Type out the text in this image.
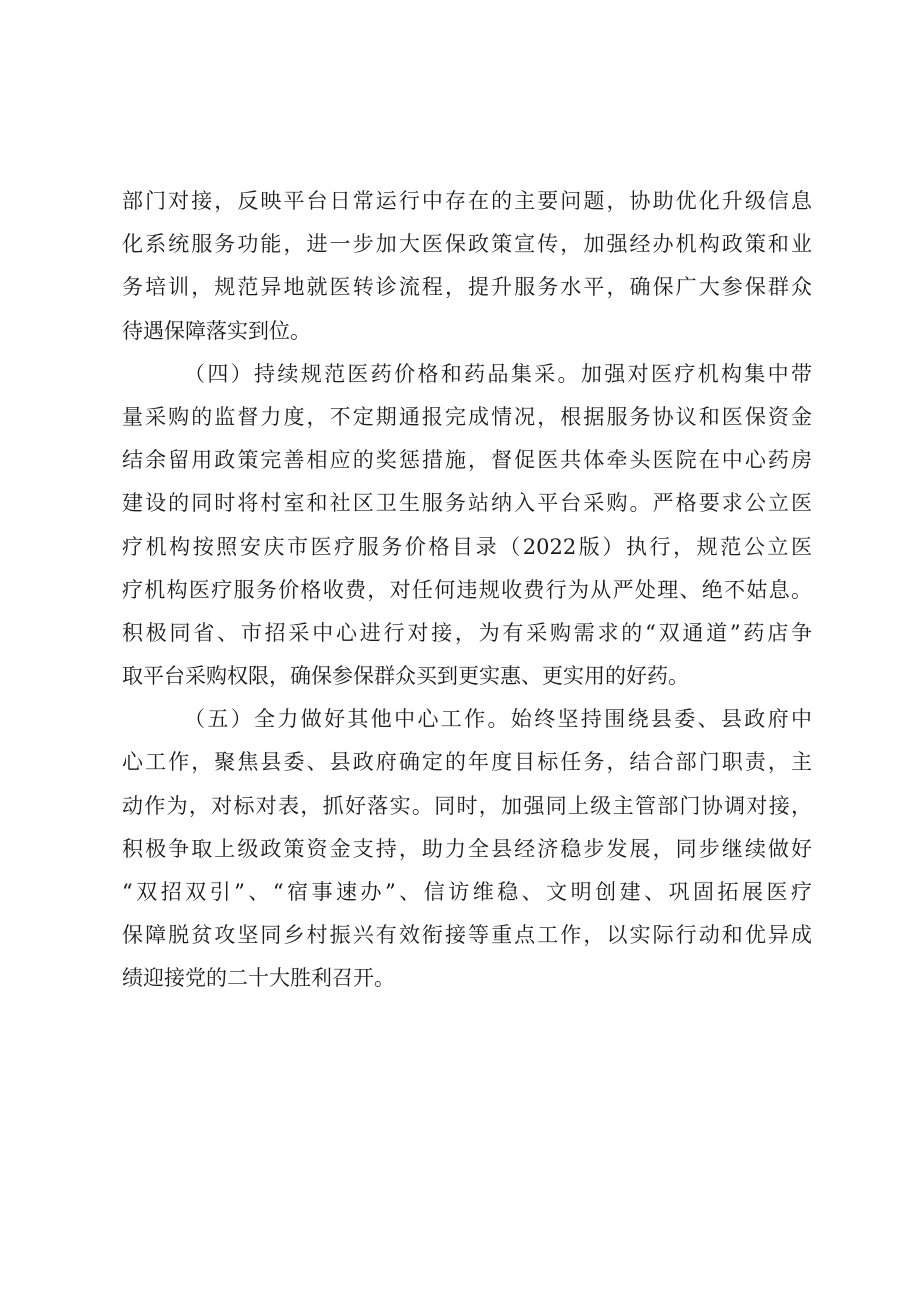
部门对接，反映平台日常运行中存在的主要问题，协助优化升级信息
化系统服务功能，进一步加大医保政策宣传，加强经办机构政策和业
务培训，规范异地就医转诊流程，提升服务水平，确保广大参保群众
待遇保障落实到位。
（四）持续规范医药价格和药品集采。加强对医疗机构集中带
量采购的监督力度，不定期通报完成情况，根据服务协议和医保资金
结余留用政策完善相应的奖惩措施，督促医共体牵头医院在中心药房
建设的同时将村室和社区卫生服务站纳入平台采购。严格要求公立医
疗机构按照安庆市医疗服务价格目录（2022版）执行，规范公立医
疗机构医疗服务价格收费，对任何违规收费行为从严处理、绝不姑息。
积极同省、市招采中心进行对接，为有采购需求的“双通道”药店争
取平台采购权限，确保参保群众买到更实惠、更实用的好药。
（五）全力做好其他中心工作。始终坚持围绕县委、县政府中
心工作，聚焦县委、县政府确定的年度目标任务，结合部门职责，主
动作为，对标对表，抓好落实。同时，加强同上级主管部门协调对接，
积极争取上级政策资金支持，助力全县经济稳步发展，同步继续做好
“双招双引”、“宿事速办”、信访维稳、文明创建、巩固拓展医疗
保障脱贫攻坚同乡村振兴有效衔接等重点工作，以实际行动和优异成
绩迎接党的二十大胜利召开。
